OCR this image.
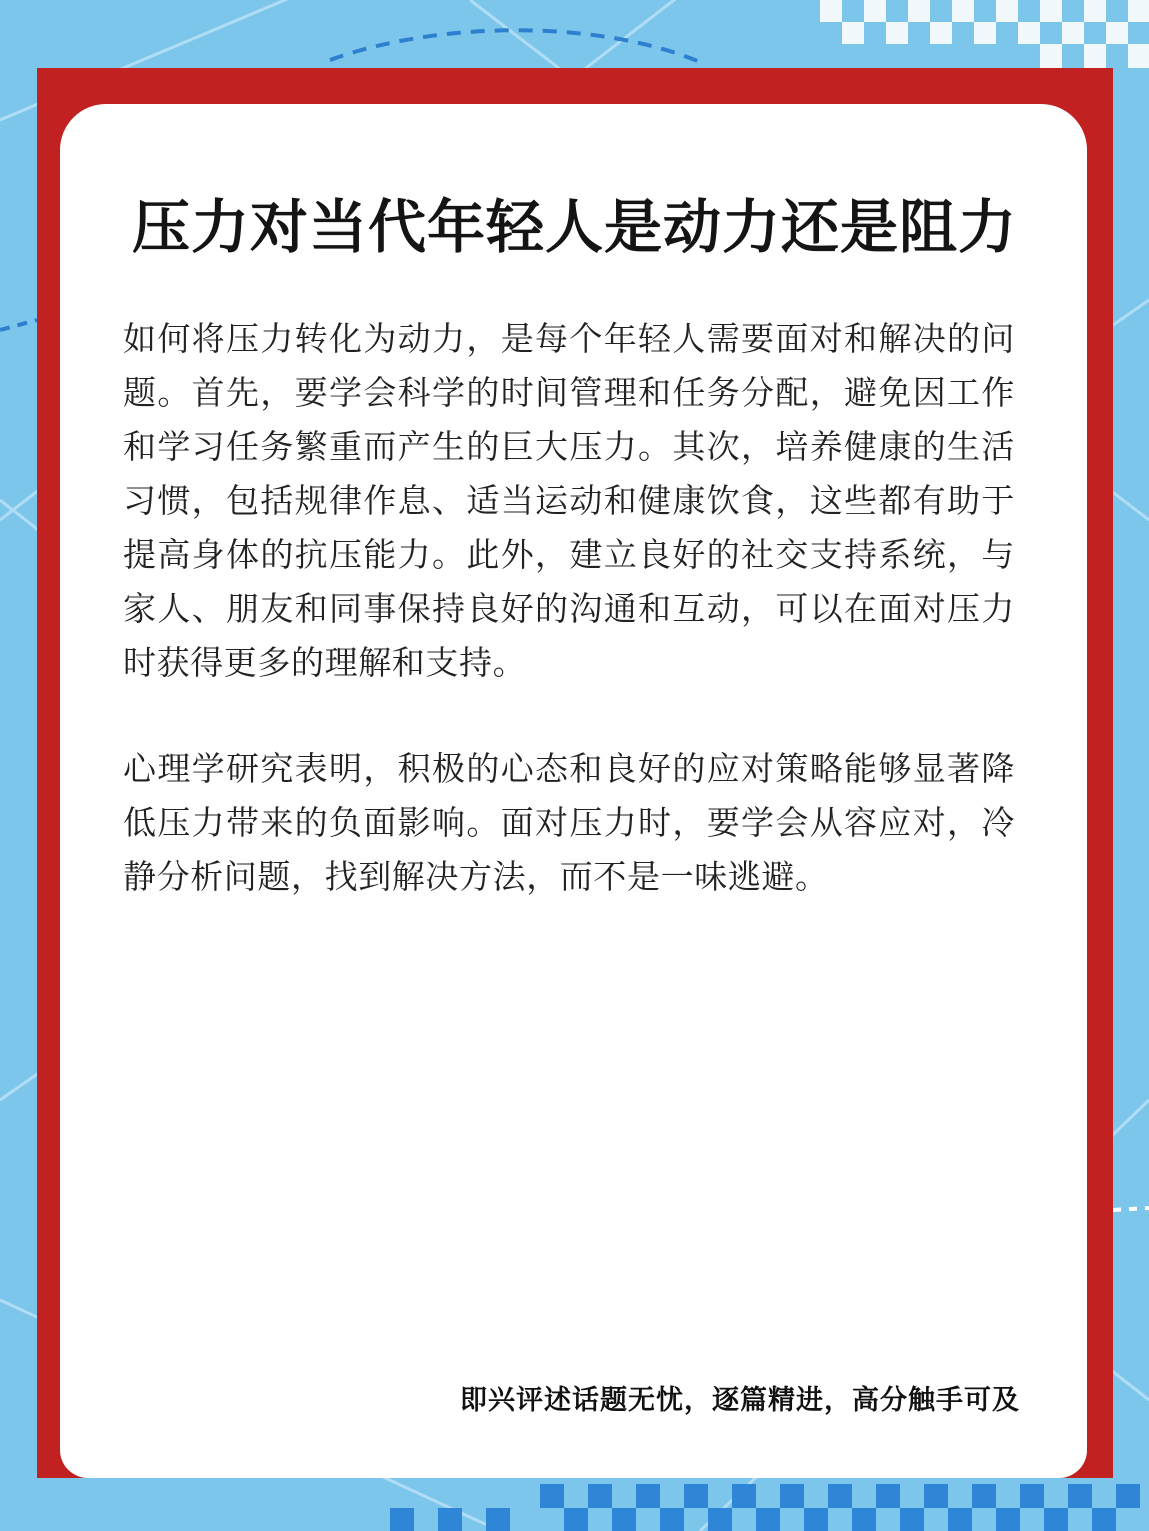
压力对当代年轻人是动力还是阻力

如何将压力转化为动力，是每个年轻人需要面对和解决的问题。首先，要学会科学的时间管理和任务分配，避免因工作和学习任务繁重而产生的巨大压力。其次，培养健康的生活习惯，包括规律作息、适当运动和健康饮食，这些都有助于提高身体的抗压能力。此外，建立良好的社交支持系统，与家人、朋友和同事保持良好的沟通和互动，可以在面对压力时获得更多的理解和支持。

心理学研究表明，积极的心态和良好的应对策略能够显著降低压力带来的负面影响。面对压力时，要学会从容应对，冷静分析问题，找到解决方法，而不是一味逃避。

即兴评述话题无忧，逐篇精进，高分触手可及
